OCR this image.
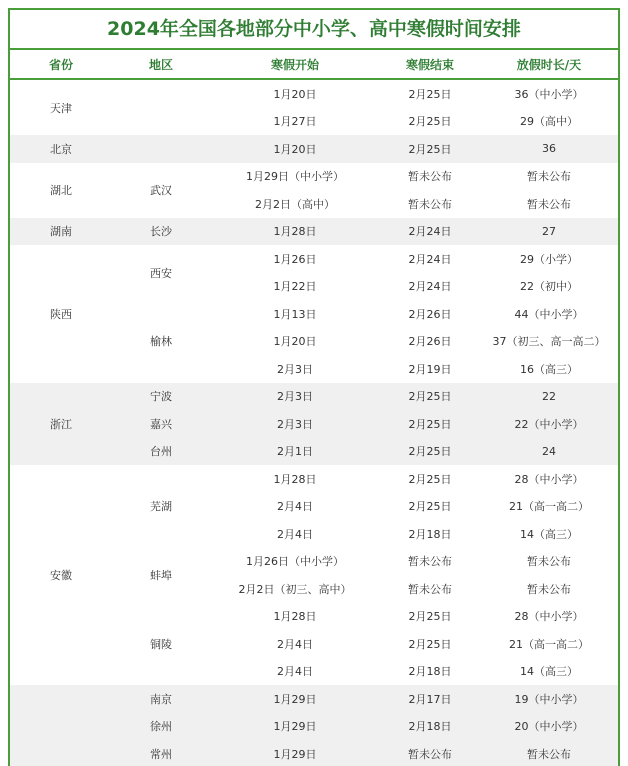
2024年全国各地部分中小学、高中寒假时间安排
省份	地区	寒假开始	寒假结束	放假时长/天
天津		1月20日	2月25日	36（中小学）
		1月27日	2月25日	29（高中）
北京		1月20日	2月25日	36
湖北	武汉	1月29日（中小学）	暂未公布	暂未公布
		2月2日（高中）	暂未公布	暂未公布
湖南	长沙	1月28日	2月24日	27
陕西	西安	1月26日	2月24日	29（小学）
		1月22日	2月24日	22（初中）
	榆林	1月13日	2月26日	44（中小学）
		1月20日	2月26日	37（初三、高一高二）
		2月3日	2月19日	16（高三）
浙江	宁波	2月3日	2月25日	22
	嘉兴	2月3日	2月25日	22（中小学）
	台州	2月1日	2月25日	24
安徽	芜湖	1月28日	2月25日	28（中小学）
		2月4日	2月25日	21（高一高二）
		2月4日	2月18日	14（高三）
	蚌埠	1月26日（中小学）	暂未公布	暂未公布
		2月2日（初三、高中）	暂未公布	暂未公布
	铜陵	1月28日	2月25日	28（中小学）
		2月4日	2月25日	21（高一高二）
		2月4日	2月18日	14（高三）
	南京	1月29日	2月17日	19（中小学）
	徐州	1月29日	2月18日	20（中小学）
	常州	1月29日	暂未公布	暂未公布
